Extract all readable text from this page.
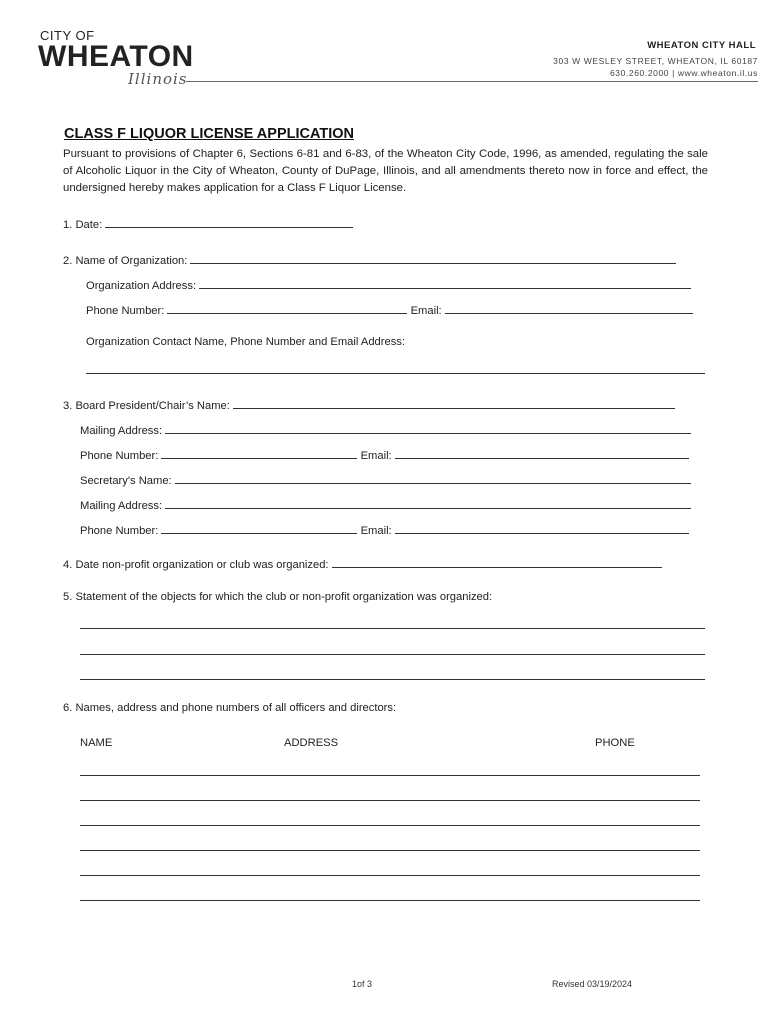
CITY OF
WHEATON
Illinois
WHEATON CITY HALL
303 W WESLEY STREET, WHEATON, IL 60187
630.260.2000 | www.wheaton.il.us
CLASS F LIQUOR LICENSE APPLICATION
Pursuant to provisions of Chapter 6, Sections 6-81 and 6-83, of the Wheaton City Code, 1996, as amended, regulating the sale of Alcoholic Liquor in the City of Wheaton, County of DuPage, Illinois, and all amendments thereto now in force and effect, the undersigned hereby makes application for a Class F Liquor License.
1. Date:
2. Name of Organization:
Organization Address:
Phone Number:	Email:
Organization Contact Name, Phone Number and Email Address:
3. Board President/Chair’s Name:
Mailing Address:
Phone Number:	Email:
Secretary's Name:
Mailing Address:
Phone Number:	Email:
4. Date non-profit organization or club was organized:
5. Statement of the objects for which the club or non-profit organization was organized:
6. Names, address and phone numbers of all officers and directors:
NAME	ADDRESS	PHONE
1of 3	Revised 03/19/2024
